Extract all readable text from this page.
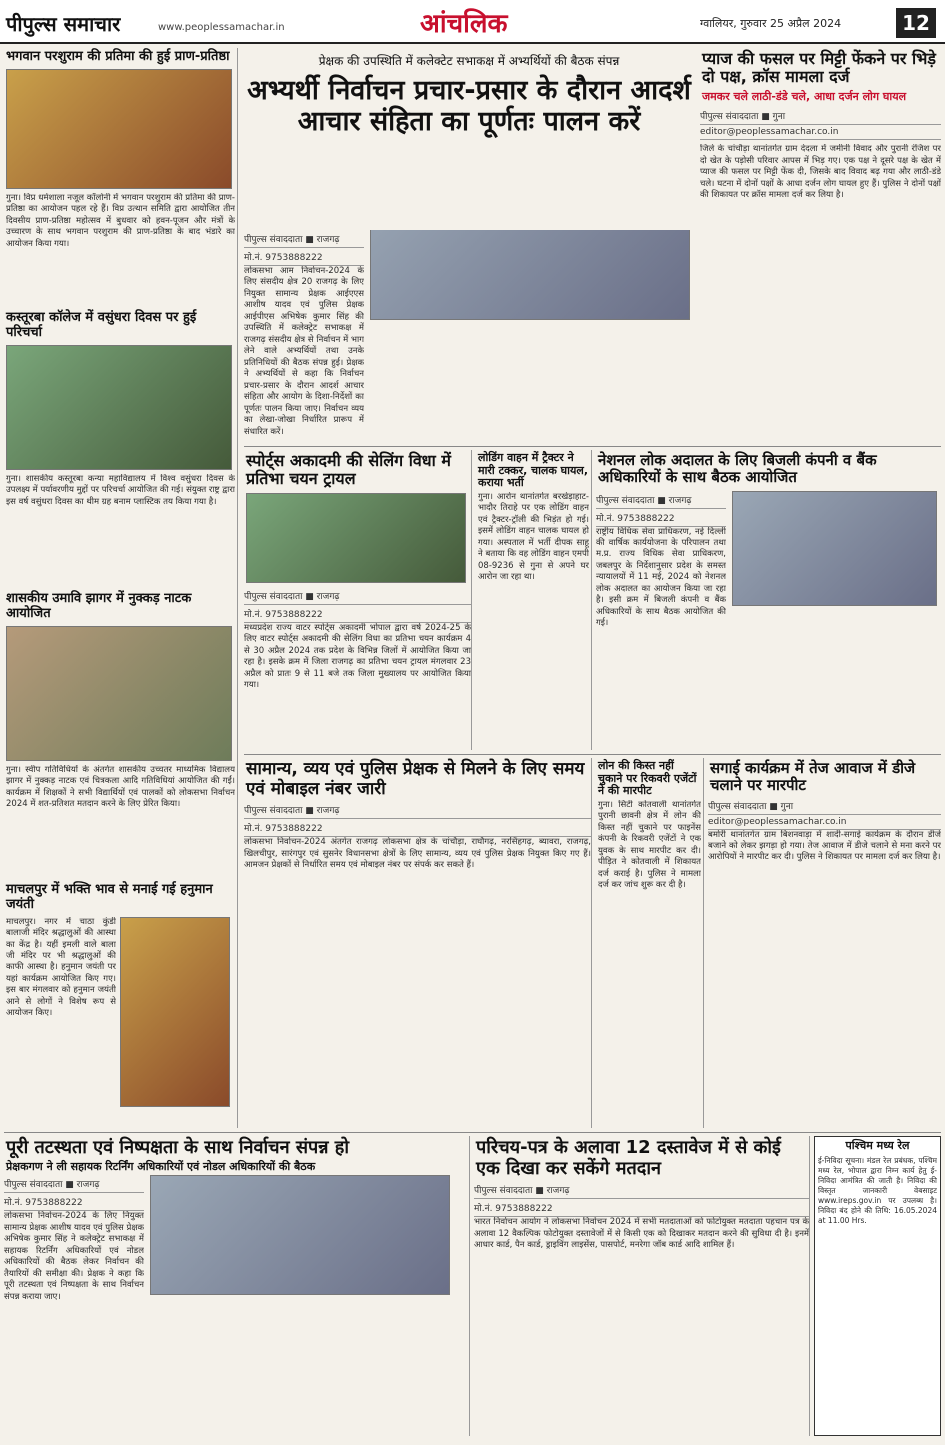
पीपुल्स समाचार	www.peoplessamachar.in	आंचलिक	ग्वालियर, गुरुवार 25 अप्रैल 2024	12
भगवान परशुराम की प्रतिमा की हुई प्राण-प्रतिष्ठा
गुना। विप्र धर्मशाला नजूल कॉलोनी में भगवान परशुराम की प्रतिमा की प्राण-प्रतिष्ठा का आयोजन पहल रहे हैं। विप्र उत्थान समिति द्वारा आयोजित तीन दिवसीय प्राण-प्रतिष्ठा महोत्सव में बुधवार को हवन-पूजन और मंत्रों के उच्चारण के साथ भगवान परशुराम की प्राण-प्रतिष्ठा के बाद भंडारे का आयोजन किया गया।
कस्तूरबा कॉलेज में वसुंधरा दिवस पर हुई परिचर्चा
गुना। शासकीय कस्तूरबा कन्या महाविद्यालय में विश्व वसुंधरा दिवस के उपलक्ष्य में पर्यावरणीय मुद्दों पर परिचर्चा आयोजित की गई। संयुक्त राष्ट्र द्वारा इस वर्ष वसुंधरा दिवस का थीम ग्रह बनाम प्लास्टिक तय किया गया है।
शासकीय उमावि झागर में नुक्कड़ नाटक आयोजित
गुना। स्वीप गतिविधियों के अंतर्गत शासकीय उच्चतर माध्यमिक विद्यालय झागर में नुक्कड़ नाटक एवं चित्रकला आदि गतिविधियां आयोजित की गईं। कार्यक्रम में शिक्षकों ने सभी विद्यार्थियों एवं पालकों को लोकसभा निर्वाचन 2024 में शत-प्रतिशत मतदान करने के लिए प्रेरित किया।
माचलपुर में भक्ति भाव से मनाई गई हनुमान जयंती
माचलपुर। नगर में चाठा कुंडी बालाजी मंदिर श्रद्धालुओं की आस्था का केंद्र है। यहीं इमली वाले बाला जी मंदिर पर भी श्रद्धालुओं की काफी आस्था है। हनुमान जयंती पर यहां कार्यक्रम आयोजित किए गए। इस बार मंगलवार को हनुमान जयंती आने से लोगों ने विशेष रूप से आयोजन किए।
प्रेक्षक की उपस्थिति में कलेक्टेट सभाकक्ष में अभ्यर्थियों की बैठक संपन्न
अभ्यर्थी निर्वाचन प्रचार-प्रसार के दौरान आदर्श आचार संहिता का पूर्णतः पालन करें
पीपुल्स संवाददाता ■ राजगढ़
मो.नं. 9753888222
लोकसभा आम निर्वाचन-2024 के लिए संसदीय क्षेत्र 20 राजगढ़ के लिए नियुक्त सामान्य प्रेक्षक आईएएस आशीष यादव एवं पुलिस प्रेक्षक आईपीएस अभिषेक कुमार सिंह की उपस्थिति में कलेक्ट्रेट सभाकक्ष में राजगढ़ संसदीय क्षेत्र से निर्वाचन में भाग लेने वाले अभ्यर्थियों तथा उनके प्रतिनिधियों की बैठक संपन्न हुई। प्रेक्षक ने अभ्यर्थियों से कहा कि निर्वाचन प्रचार-प्रसार के दौरान आदर्श आचार संहिता और आयोग के दिशा-निर्देशों का पूर्णतः पालन किया जाए। निर्वाचन व्यय का लेखा-जोखा निर्धारित प्रारूप में संधारित करें।
प्याज की फसल पर मिट्टी फेंकने पर भिड़े दो पक्ष, क्रॉस मामला दर्ज
जमकर चले लाठी-डंडे चले, आधा दर्जन लोग घायल
पीपुल्स संवाददाता ■ गुना
editor@peoplessamachar.co.in
जिले के चांचौड़ा थानांतर्गत ग्राम देदला में जमीनी विवाद और पुरानी रंजिश पर दो खेत के पड़ोसी परिवार आपस में भिड़ गए। एक पक्ष ने दूसरे पक्ष के खेत में प्याज की फसल पर मिट्टी फेंक दी, जिसके बाद विवाद बढ़ गया और लाठी-डंडे चले। घटना में दोनों पक्षों के आधा दर्जन लोग घायल हुए हैं। पुलिस ने दोनों पक्षों की शिकायत पर क्रॉस मामला दर्ज कर लिया है।
स्पोर्ट्स अकादमी की सेलिंग विधा में प्रतिभा चयन ट्रायल
पीपुल्स संवाददाता ■ राजगढ़
मो.नं. 9753888222
मध्यप्रदेश राज्य वाटर स्पोर्ट्स अकादमी भोपाल द्वारा वर्ष 2024-25 के लिए वाटर स्पोर्ट्स अकादमी की सेलिंग विधा का प्रतिभा चयन कार्यक्रम 4 से 30 अप्रैल 2024 तक प्रदेश के विभिन्न जिलों में आयोजित किया जा रहा है। इसके क्रम में जिला राजगढ़ का प्रतिभा चयन ट्रायल मंगलवार 23 अप्रैल को प्रातः 9 से 11 बजे तक जिला मुख्यालय पर आयोजित किया गया।
लोडिंग वाहन में ट्रैक्टर ने मारी टक्कर, चालक घायल, कराया भर्ती
गुना। आरोन थानांतर्गत बरखेड़ाहाट-भादौर तिराहे पर एक लोडिंग वाहन एवं ट्रैक्टर-ट्रॉली की भिड़ंत हो गई। इसमें लोडिंग वाहन चालक घायल हो गया। अस्पताल में भर्ती दीपक साहू ने बताया कि वह लोडिंग वाहन एमपी 08-9236 से गुना से अपने घर आरोन जा रहा था।
नेशनल लोक अदालत के लिए बिजली कंपनी व बैंक अधिकारियों के साथ बैठक आयोजित
पीपुल्स संवाददाता ■ राजगढ़
मो.नं. 9753888222
राष्ट्रीय विधिक सेवा प्राधिकरण, नई दिल्ली की वार्षिक कार्ययोजना के परिपालन तथा म.प्र. राज्य विधिक सेवा प्राधिकरण, जबलपुर के निर्देशानुसार प्रदेश के समस्त न्यायालयों में 11 मई, 2024 को नेशनल लोक अदालत का आयोजन किया जा रहा है। इसी क्रम में बिजली कंपनी व बैंक अधिकारियों के साथ बैठक आयोजित की गई।
सामान्य, व्यय एवं पुलिस प्रेक्षक से मिलने के लिए समय एवं मोबाइल नंबर जारी
पीपुल्स संवाददाता ■ राजगढ़
मो.नं. 9753888222
लोकसभा निर्वाचन-2024 अंतर्गत राजगढ़ लोकसभा क्षेत्र के चांचौड़ा, राघौगढ़, नरसिंहगढ़, ब्यावरा, राजगढ़, खिलचीपुर, सारंगपुर एवं सुसनेर विधानसभा क्षेत्रों के लिए सामान्य, व्यय एवं पुलिस प्रेक्षक नियुक्त किए गए हैं। आमजन प्रेक्षकों से निर्धारित समय एवं मोबाइल नंबर पर संपर्क कर सकते हैं।
लोन की किस्त नहीं चुकाने पर रिकवरी एजेंटों ने की मारपीट
गुना। सिटी कोतवाली थानांतर्गत पुरानी छावनी क्षेत्र में लोन की किस्त नहीं चुकाने पर फाइनेंस कंपनी के रिकवरी एजेंटों ने एक युवक के साथ मारपीट कर दी। पीड़ित ने कोतवाली में शिकायत दर्ज कराई है। पुलिस ने मामला दर्ज कर जांच शुरू कर दी है।
सगाई कार्यक्रम में तेज आवाज में डीजे चलाने पर मारपीट
पीपुल्स संवाददाता ■ गुना
editor@peoplessamachar.co.in
बमोरी थानांतर्गत ग्राम बिशनवाड़ा में शादी-सगाई कार्यक्रम के दौरान डीजे बजाने को लेकर झगड़ा हो गया। तेज आवाज में डीजे चलाने से मना करने पर आरोपियों ने मारपीट कर दी। पुलिस ने शिकायत पर मामला दर्ज कर लिया है।
पूरी तटस्थता एवं निष्पक्षता के साथ निर्वाचन संपन्न हो
प्रेक्षकगण ने ली सहायक रिटर्निंग अधिकारियों एवं नोडल अधिकारियों की बैठक
पीपुल्स संवाददाता ■ राजगढ़
मो.नं. 9753888222
लोकसभा निर्वाचन-2024 के लिए नियुक्त सामान्य प्रेक्षक आशीष यादव एवं पुलिस प्रेक्षक अभिषेक कुमार सिंह ने कलेक्ट्रेट सभाकक्ष में सहायक रिटर्निंग अधिकारियों एवं नोडल अधिकारियों की बैठक लेकर निर्वाचन की तैयारियों की समीक्षा की। प्रेक्षक ने कहा कि पूरी तटस्थता एवं निष्पक्षता के साथ निर्वाचन संपन्न कराया जाए।
परिचय-पत्र के अलावा 12 दस्तावेज में से कोई एक दिखा कर सकेंगे मतदान
पीपुल्स संवाददाता ■ राजगढ़
मो.नं. 9753888222
भारत निर्वाचन आयोग ने लोकसभा निर्वाचन 2024 में सभी मतदाताओं को फोटोयुक्त मतदाता पहचान पत्र के अलावा 12 वैकल्पिक फोटोयुक्त दस्तावेजों में से किसी एक को दिखाकर मतदान करने की सुविधा दी है। इनमें आधार कार्ड, पैन कार्ड, ड्राइविंग लाइसेंस, पासपोर्ट, मनरेगा जॉब कार्ड आदि शामिल हैं।
पश्चिम मध्य रेल
ई-निविदा सूचना। मंडल रेल प्रबंधक, पश्चिम मध्य रेल, भोपाल द्वारा निम्न कार्य हेतु ई-निविदा आमंत्रित की जाती है। निविदा की विस्तृत जानकारी वेबसाइट www.ireps.gov.in पर उपलब्ध है। निविदा बंद होने की तिथि: 16.05.2024 at 11.00 Hrs.
